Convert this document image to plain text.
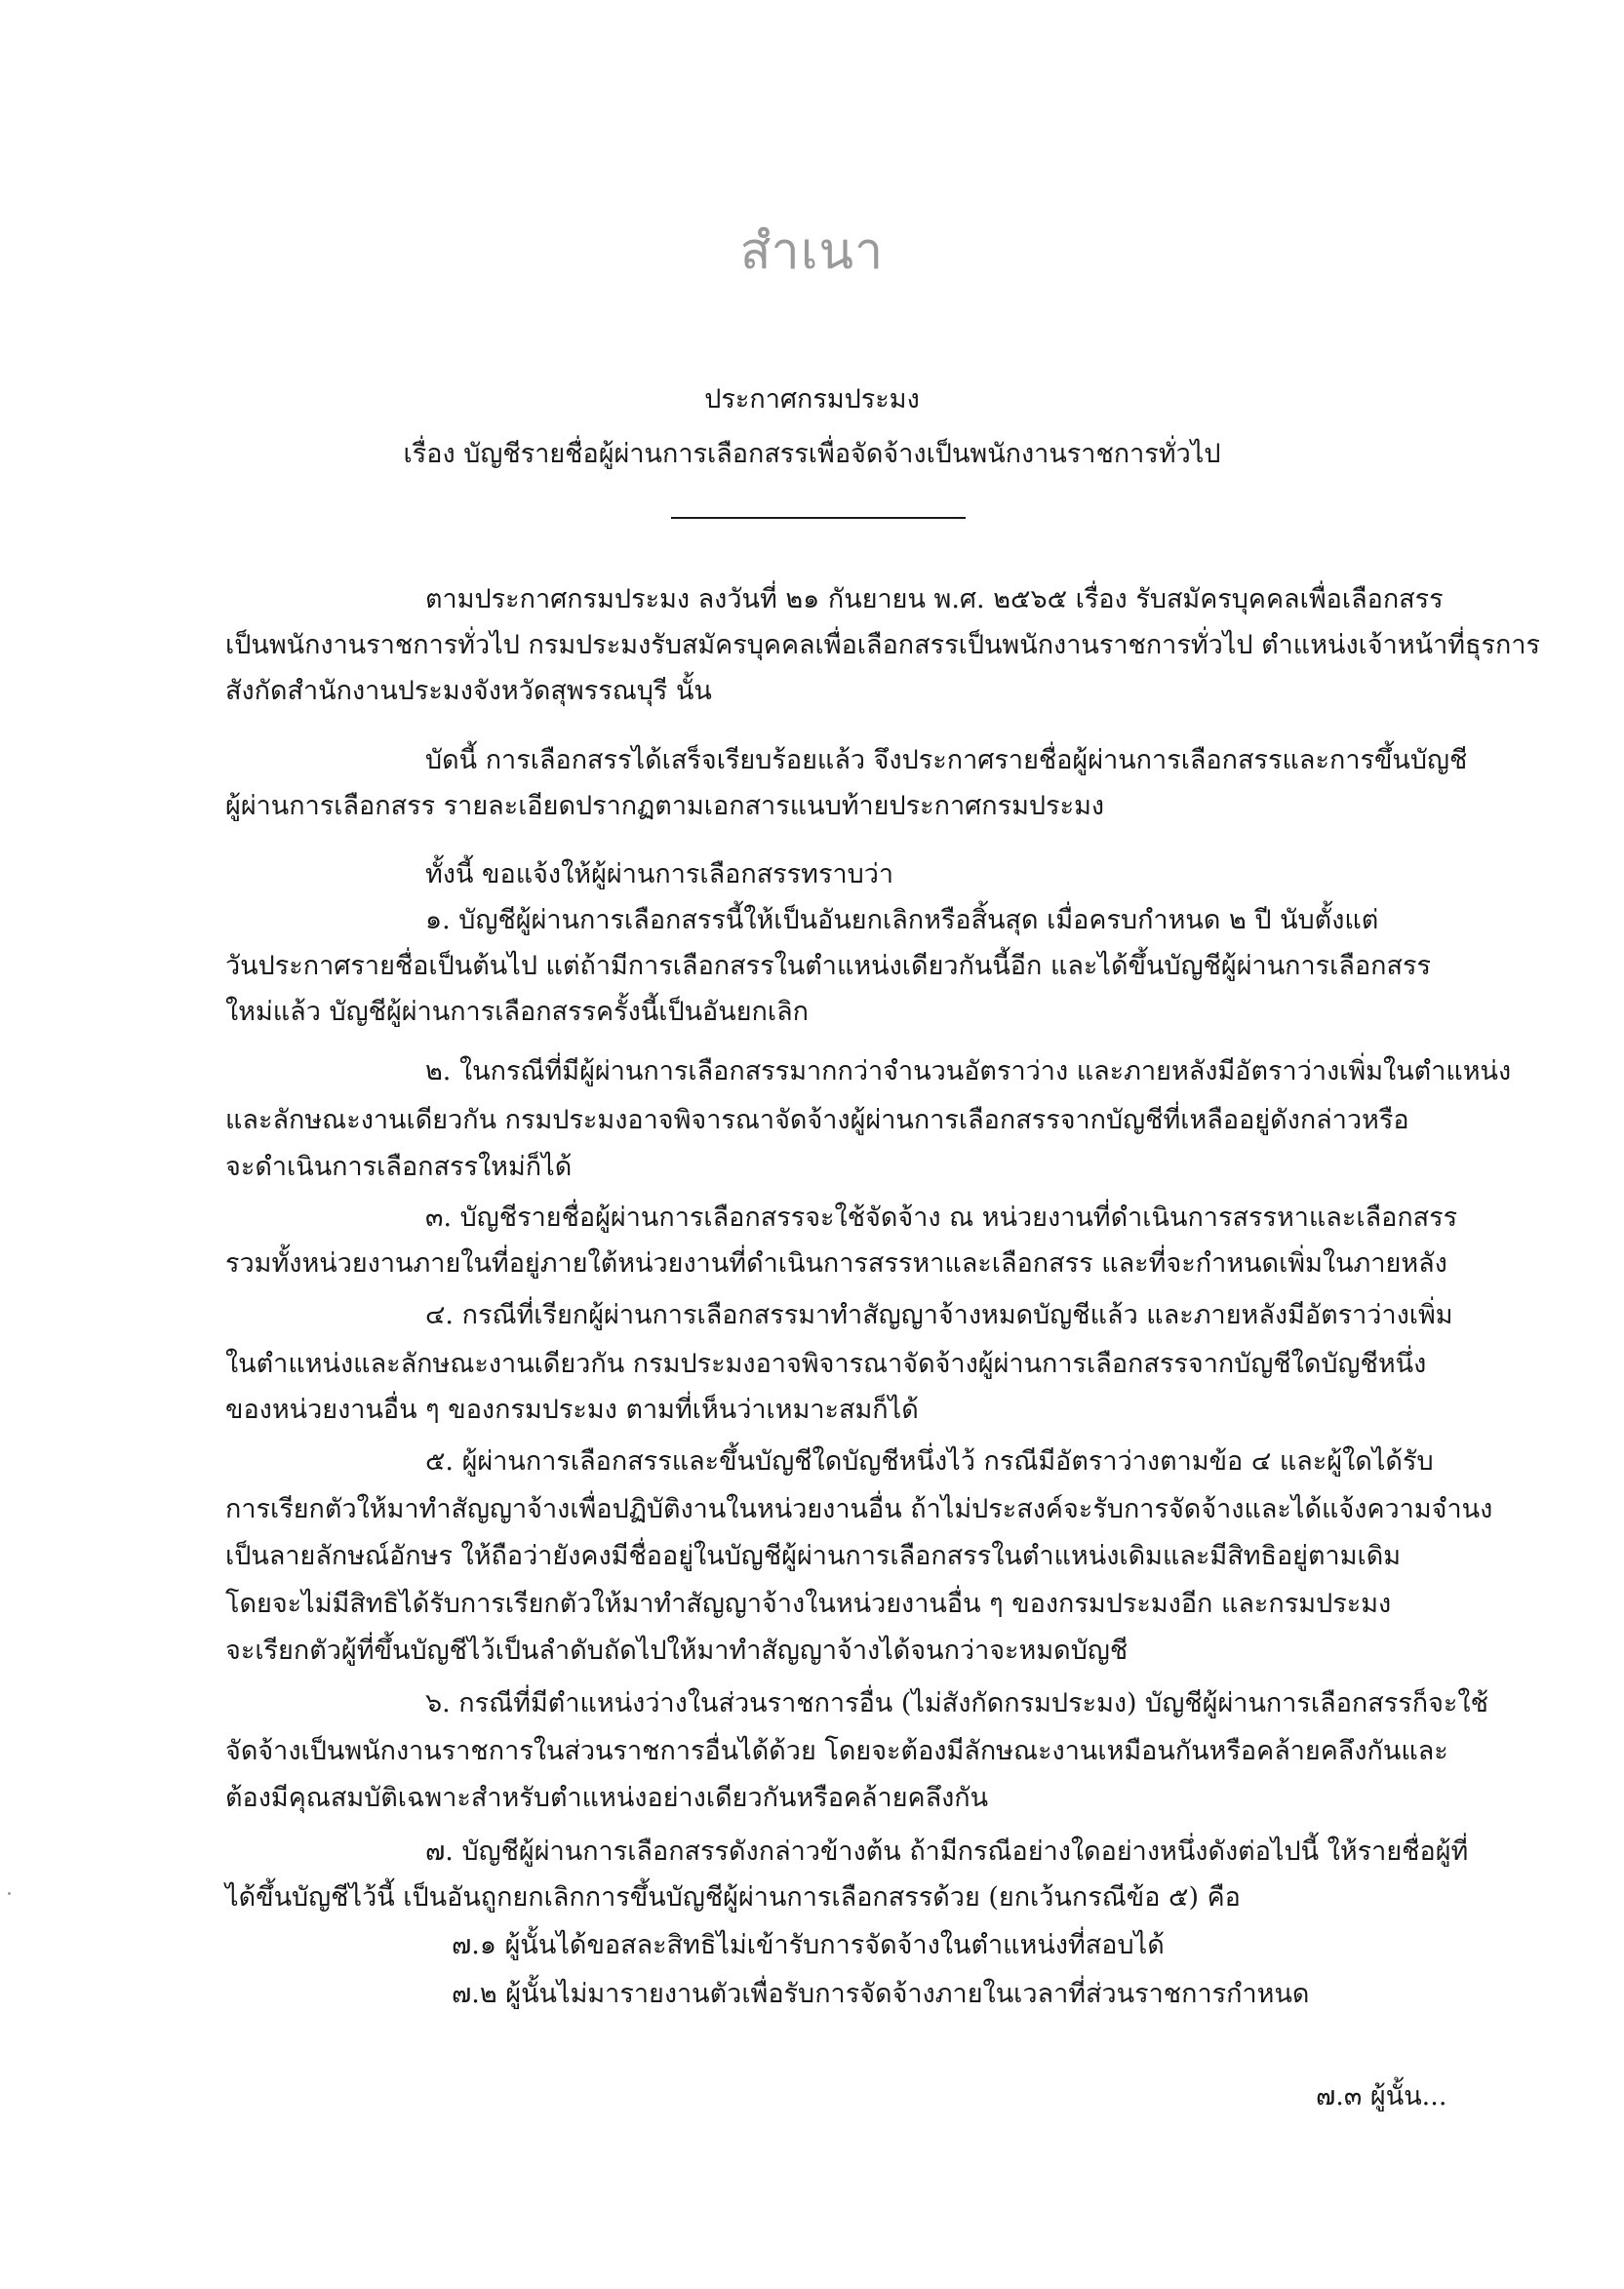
สำเนา
ประกาศกรมประมง
เรื่อง บัญชีรายชื่อผู้ผ่านการเลือกสรรเพื่อจัดจ้างเป็นพนักงานราชการทั่วไป
ตามประกาศกรมประมง ลงวันที่ ๒๑ กันยายน พ.ศ. ๒๕๖๕ เรื่อง รับสมัครบุคคลเพื่อเลือกสรร
เป็นพนักงานราชการทั่วไป กรมประมงรับสมัครบุคคลเพื่อเลือกสรรเป็นพนักงานราชการทั่วไป ตำแหน่งเจ้าหน้าที่ธุรการ
สังกัดสำนักงานประมงจังหวัดสุพรรณบุรี นั้น
บัดนี้ การเลือกสรรได้เสร็จเรียบร้อยแล้ว จึงประกาศรายชื่อผู้ผ่านการเลือกสรรและการขึ้นบัญชี
ผู้ผ่านการเลือกสรร รายละเอียดปรากฏตามเอกสารแนบท้ายประกาศกรมประมง
ทั้งนี้ ขอแจ้งให้ผู้ผ่านการเลือกสรรทราบว่า
๑. บัญชีผู้ผ่านการเลือกสรรนี้ให้เป็นอันยกเลิกหรือสิ้นสุด เมื่อครบกำหนด ๒ ปี นับตั้งแต่
วันประกาศรายชื่อเป็นต้นไป แต่ถ้ามีการเลือกสรรในตำแหน่งเดียวกันนี้อีก และได้ขึ้นบัญชีผู้ผ่านการเลือกสรร
ใหม่แล้ว บัญชีผู้ผ่านการเลือกสรรครั้งนี้เป็นอันยกเลิก
๒. ในกรณีที่มีผู้ผ่านการเลือกสรรมากกว่าจำนวนอัตราว่าง และภายหลังมีอัตราว่างเพิ่มในตำแหน่ง
และลักษณะงานเดียวกัน กรมประมงอาจพิจารณาจัดจ้างผู้ผ่านการเลือกสรรจากบัญชีที่เหลืออยู่ดังกล่าวหรือ
จะดำเนินการเลือกสรรใหม่ก็ได้
๓. บัญชีรายชื่อผู้ผ่านการเลือกสรรจะใช้จัดจ้าง ณ หน่วยงานที่ดำเนินการสรรหาและเลือกสรร
รวมทั้งหน่วยงานภายในที่อยู่ภายใต้หน่วยงานที่ดำเนินการสรรหาและเลือกสรร และที่จะกำหนดเพิ่มในภายหลัง
๔. กรณีที่เรียกผู้ผ่านการเลือกสรรมาทำสัญญาจ้างหมดบัญชีแล้ว และภายหลังมีอัตราว่างเพิ่ม
ในตำแหน่งและลักษณะงานเดียวกัน กรมประมงอาจพิจารณาจัดจ้างผู้ผ่านการเลือกสรรจากบัญชีใดบัญชีหนึ่ง
ของหน่วยงานอื่น ๆ ของกรมประมง ตามที่เห็นว่าเหมาะสมก็ได้
๕. ผู้ผ่านการเลือกสรรและขึ้นบัญชีใดบัญชีหนึ่งไว้ กรณีมีอัตราว่างตามข้อ ๔ และผู้ใดได้รับ
การเรียกตัวให้มาทำสัญญาจ้างเพื่อปฏิบัติงานในหน่วยงานอื่น ถ้าไม่ประสงค์จะรับการจัดจ้างและได้แจ้งความจำนง
เป็นลายลักษณ์อักษร ให้ถือว่ายังคงมีชื่ออยู่ในบัญชีผู้ผ่านการเลือกสรรในตำแหน่งเดิมและมีสิทธิอยู่ตามเดิม
โดยจะไม่มีสิทธิได้รับการเรียกตัวให้มาทำสัญญาจ้างในหน่วยงานอื่น ๆ ของกรมประมงอีก และกรมประมง
จะเรียกตัวผู้ที่ขึ้นบัญชีไว้เป็นลำดับถัดไปให้มาทำสัญญาจ้างได้จนกว่าจะหมดบัญชี
๖. กรณีที่มีตำแหน่งว่างในส่วนราชการอื่น (ไม่สังกัดกรมประมง) บัญชีผู้ผ่านการเลือกสรรก็จะใช้
จัดจ้างเป็นพนักงานราชการในส่วนราชการอื่นได้ด้วย โดยจะต้องมีลักษณะงานเหมือนกันหรือคล้ายคลึงกันและ
ต้องมีคุณสมบัติเฉพาะสำหรับตำแหน่งอย่างเดียวกันหรือคล้ายคลึงกัน
๗. บัญชีผู้ผ่านการเลือกสรรดังกล่าวข้างต้น ถ้ามีกรณีอย่างใดอย่างหนึ่งดังต่อไปนี้ ให้รายชื่อผู้ที่
ได้ขึ้นบัญชีไว้นี้ เป็นอันถูกยกเลิกการขึ้นบัญชีผู้ผ่านการเลือกสรรด้วย (ยกเว้นกรณีข้อ ๕) คือ
๗.๑ ผู้นั้นได้ขอสละสิทธิไม่เข้ารับการจัดจ้างในตำแหน่งที่สอบได้
๗.๒ ผู้นั้นไม่มารายงานตัวเพื่อรับการจัดจ้างภายในเวลาที่ส่วนราชการกำหนด
๗.๓ ผู้นั้น...
